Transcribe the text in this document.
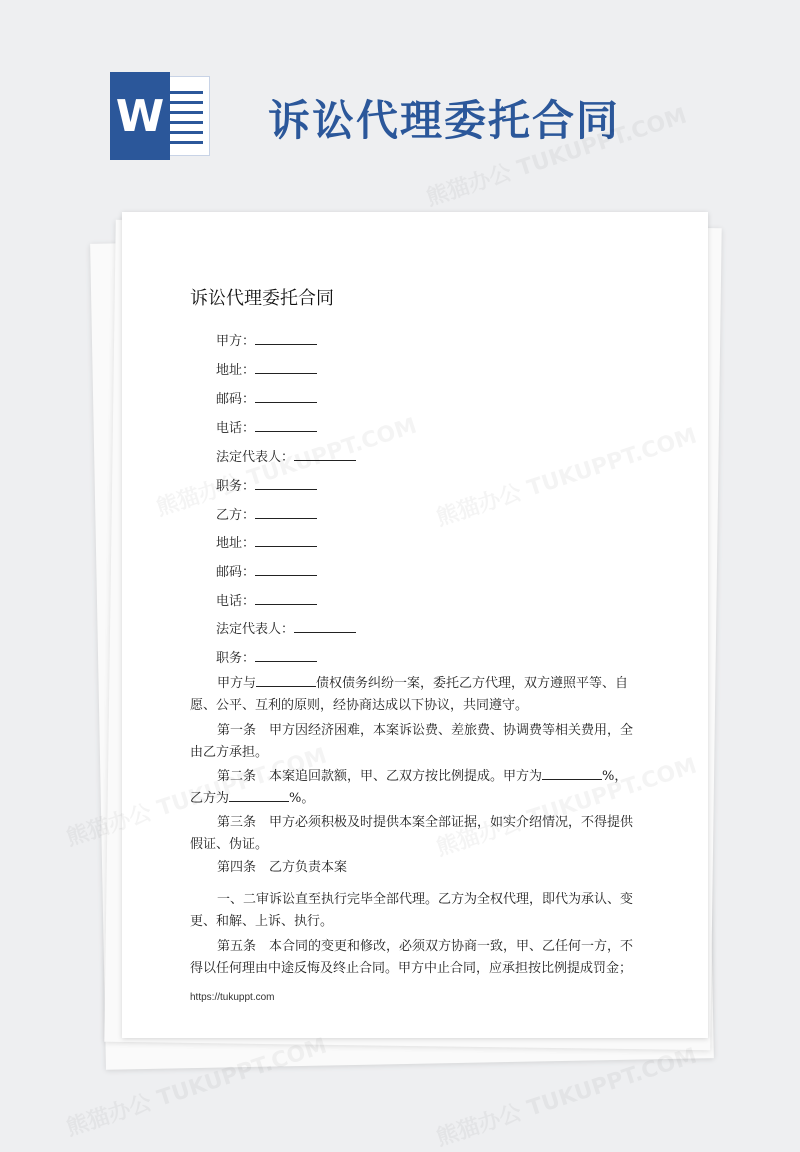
W 诉讼代理委托合同
诉讼代理委托合同
甲方：
地址：
邮码：
电话：
法定代表人：
职务：
乙方：
地址：
邮码：
电话：
法定代表人：
职务：
甲方与	债权债务纠纷一案，委托乙方代理，双方遵照平等、自愿、公平、互利的原则，经协商达成以下协议，共同遵守。
第一条　甲方因经济困难，本案诉讼费、差旅费、协调费等相关费用，全由乙方承担。
第二条　本案追回款额，甲、乙双方按比例提成。甲方为	%，乙方为	%。
第三条　甲方必须积极及时提供本案全部证据，如实介绍情况，不得提供假证、伪证。
第四条　乙方负责本案
一、二审诉讼直至执行完毕全部代理。乙方为全权代理，即代为承认、变更、和解、上诉、执行。
第五条　本合同的变更和修改，必须双方协商一致，甲、乙任何一方，不得以任何理由中途反悔及终止合同。甲方中止合同，应承担按比例提成罚金；
https://tukuppt.com
